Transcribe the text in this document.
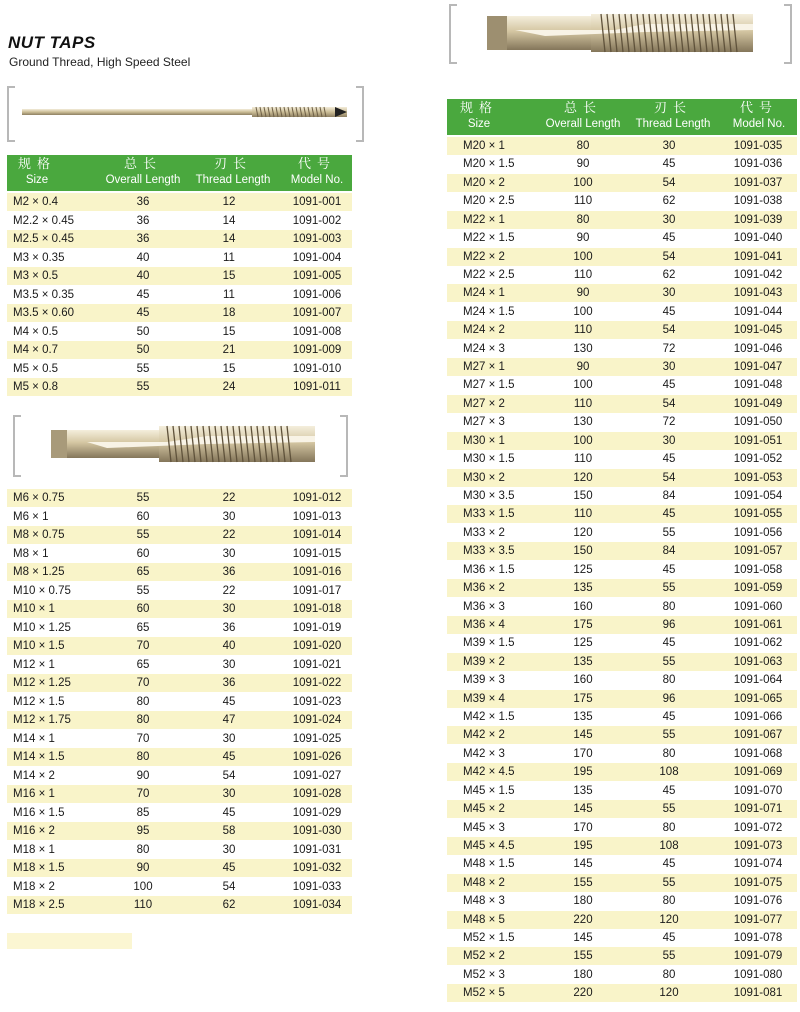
NUT TAPS
Ground Thread, High Speed Steel
规格
Size
总长
Overall Length
刃长
Thread Length
代号
Model No.
M2 × 0.4	36	12	1091-001
M2.2 × 0.45	36	14	1091-002
M2.5 × 0.45	36	14	1091-003
M3 × 0.35	40	11	1091-004
M3 × 0.5	40	15	1091-005
M3.5 × 0.35	45	11	1091-006
M3.5 × 0.60	45	18	1091-007
M4 × 0.5	50	15	1091-008
M4 × 0.7	50	21	1091-009
M5 × 0.5	55	15	1091-010
M5 × 0.8	55	24	1091-011
M6 × 0.75	55	22	1091-012
M6 × 1	60	30	1091-013
M8 × 0.75	55	22	1091-014
M8 × 1	60	30	1091-015
M8 × 1.25	65	36	1091-016
M10 × 0.75	55	22	1091-017
M10 × 1	60	30	1091-018
M10 × 1.25	65	36	1091-019
M10 × 1.5	70	40	1091-020
M12 × 1	65	30	1091-021
M12 × 1.25	70	36	1091-022
M12 × 1.5	80	45	1091-023
M12 × 1.75	80	47	1091-024
M14 × 1	70	30	1091-025
M14 × 1.5	80	45	1091-026
M14 × 2	90	54	1091-027
M16 × 1	70	30	1091-028
M16 × 1.5	85	45	1091-029
M16 × 2	95	58	1091-030
M18 × 1	80	30	1091-031
M18 × 1.5	90	45	1091-032
M18 × 2	100	54	1091-033
M18 × 2.5	110	62	1091-034
规格
Size
总长
Overall Length
刃长
Thread Length
代号
Model No.
M20 × 1	80	30	1091-035
M20 × 1.5	90	45	1091-036
M20 × 2	100	54	1091-037
M20 × 2.5	110	62	1091-038
M22 × 1	80	30	1091-039
M22 × 1.5	90	45	1091-040
M22 × 2	100	54	1091-041
M22 × 2.5	110	62	1091-042
M24 × 1	90	30	1091-043
M24 × 1.5	100	45	1091-044
M24 × 2	110	54	1091-045
M24 × 3	130	72	1091-046
M27 × 1	90	30	1091-047
M27 × 1.5	100	45	1091-048
M27 × 2	110	54	1091-049
M27 × 3	130	72	1091-050
M30 × 1	100	30	1091-051
M30 × 1.5	110	45	1091-052
M30 × 2	120	54	1091-053
M30 × 3.5	150	84	1091-054
M33 × 1.5	110	45	1091-055
M33 × 2	120	55	1091-056
M33 × 3.5	150	84	1091-057
M36 × 1.5	125	45	1091-058
M36 × 2	135	55	1091-059
M36 × 3	160	80	1091-060
M36 × 4	175	96	1091-061
M39 × 1.5	125	45	1091-062
M39 × 2	135	55	1091-063
M39 × 3	160	80	1091-064
M39 × 4	175	96	1091-065
M42 × 1.5	135	45	1091-066
M42 × 2	145	55	1091-067
M42 × 3	170	80	1091-068
M42 × 4.5	195	108	1091-069
M45 × 1.5	135	45	1091-070
M45 × 2	145	55	1091-071
M45 × 3	170	80	1091-072
M45 × 4.5	195	108	1091-073
M48 × 1.5	145	45	1091-074
M48 × 2	155	55	1091-075
M48 × 3	180	80	1091-076
M48 × 5	220	120	1091-077
M52 × 1.5	145	45	1091-078
M52 × 2	155	55	1091-079
M52 × 3	180	80	1091-080
M52 × 5	220	120	1091-081
